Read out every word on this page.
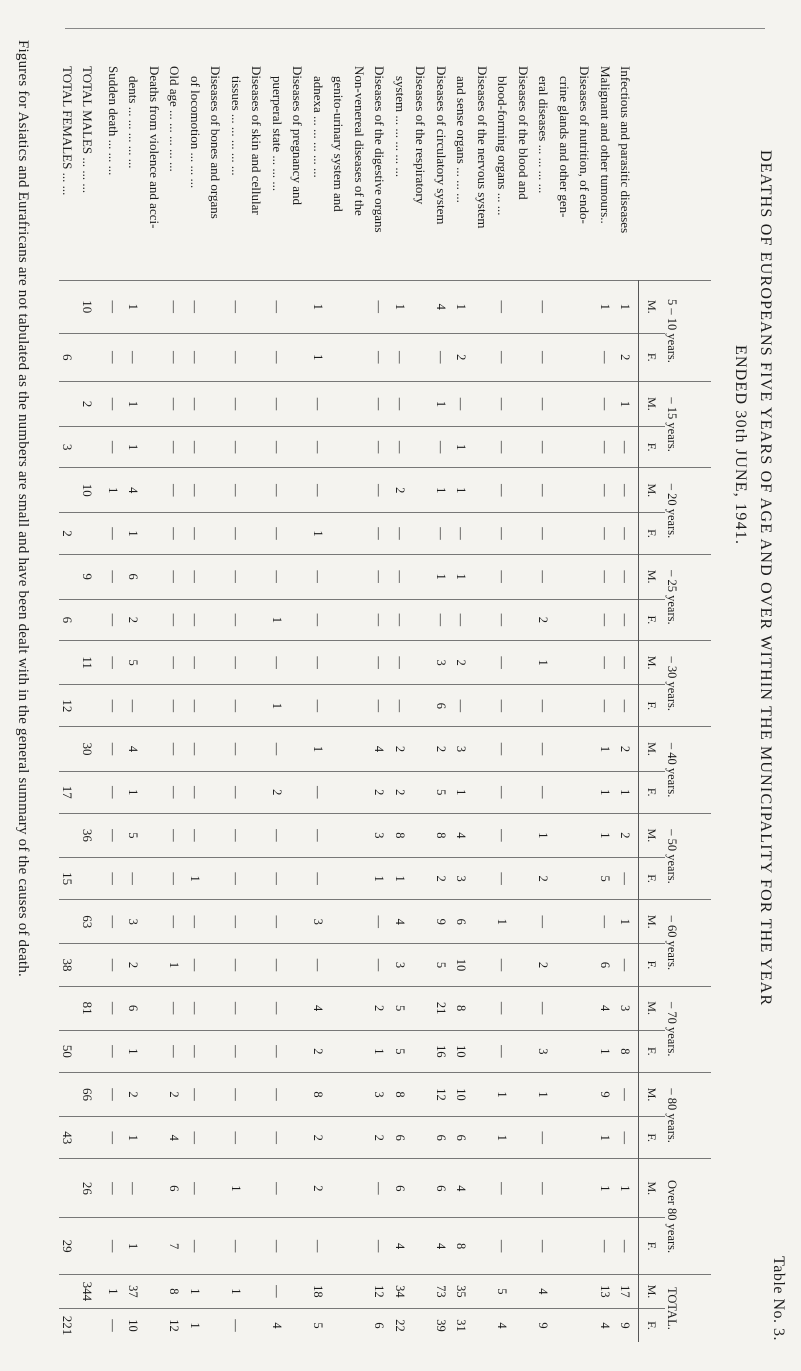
Table No. 3.
DEATHS OF EUROPEANS FIVE YEARS OF AGE AND OVER WITHIN THE MUNICIPALITY FOR THE YEAR
ENDED 30th JUNE, 1941.
	5 – 10 years.		– 15 years.		– 20 years.		– 25 years.		– 30 years.		– 40 years.		– 50 years.		– 60 years.		– 70 years.		– 80 years.		Over 80 years.		TOTAL.	
	M.	F.	M.	F.	M.	F.	M.	F.	M.	F.	M.	F.	M.	F.	M.	F.	M.	F.	M.	F.	M.	F.	M.	F.
Infectious and parasitic diseases	1	2	1	—	—	—	—	—	—	—	2	1	2	—	1	—	3	8	—	—	1	—	17	9
Malignant and other tumours..	1	—	—	—	—	—	—	—	—	—	1	1	1	5	—	6	4	1	9	1	1	—	13	4
Diseases of nutrition, of endo-																								
crine glands and other gen-																								
eral diseases ... ... ... ...	—	—	—	—	—	—	—	2	1	—	—	—	1	2	—	2	—	3	1	—	—	—	4	9
Diseases of the blood and																								
blood-forming organs ... ...	—	—	—	—	—	—	—	—	—	—	—	—	—	—	1	—	—	—	1	1	—	—	5	4
Diseases of the nervous system																								
and sense organs ... ... ...	1	2	—	1	1	—	1	—	2	—	3	1	4	3	6	10	8	10	10	6	4	8	35	31
Diseases of circulatory system	4	—	1	—	1	—	1	—	3	6	2	5	8	2	9	5	21	16	12	6	6	4	73	39
Diseases of the respiratory																								
system ... ... ... ... ...	1	—	—	—	2	—	—	—	—	—	2	2	8	1	4	3	5	5	8	6	6	4	34	22
Diseases of the digestive organs	—	—	—	—	—	—	—	—	—	—	4	2	3	1	—	—	2	1	3	2	—	—	12	6
Non-venereal diseases of the																								
genito-urinary system and																								
adnexa ... ... ... ... ...	1	1	—	—	—	1	—	—	—	—	1	—	—	—	3	—	4	2	8	2	2	—	18	5
Diseases of pregnancy and																								
puerperal state ... ... ...	—	—	—	—	—	—	—	1	—	1	—	2	—	—	—	—	—	—	—	—	—	—	—	4
Diseases of skin and cellular																								
tissues ... ... ... ... ...	—	—	—	—	—	—	—	—	—	—	—	—	—	—	—	—	—	—	—	—	1	—	1	—
Diseases of bones and organs																								
of locomotion ... ... ...	—	—	—	—	—	—	—	—	—	—	—	—	—	1	—	—	—	—	—	—	—	—	1	1
Old age ... ... ... ... ...	—	—	—	—	—	—	—	—	—	—	—	—	—	—	—	1	—	—	2	4	6	7	8	12
Deaths from violence and acci-																								
dents ... ... ... ... ...	1	—	1	1	4	1	6	2	5	—	4	1	5	—	3	2	6	1	2	1	—	1	37	10
Sudden death ... ... ...	—	—	—	—	1	—	—	—	—	—	—	—	—	—	—	—	—	—	—	—	—	—	1	—
TOTAL MALES ... ... ...	10		2		10		9		11		30		36		63		81		66		26		344	
TOTAL FEMALES ... ...		6		3		2		6		12		17		15		38		50		43		29		221
Figures for Asiatics and Eurafricans are not tabulated as the numbers are small and have been dealt with in the general summary of the causes of death.
